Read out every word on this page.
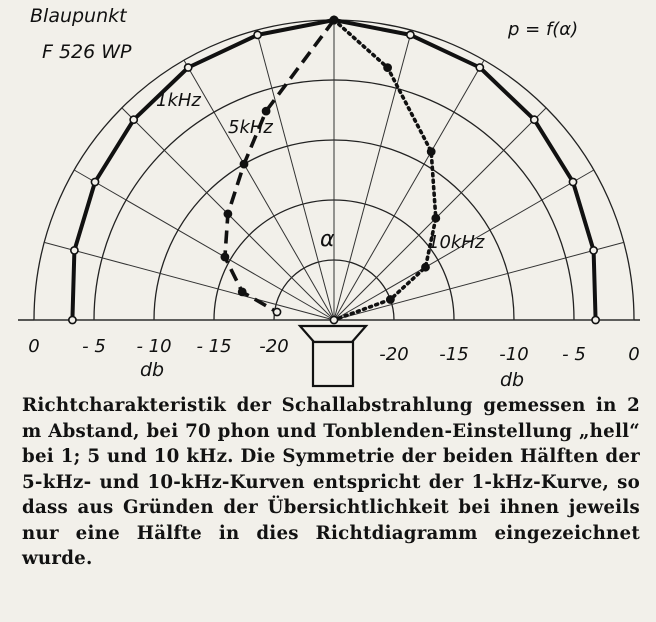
0 - 5 - 10 - 15 -20	-20 -15 -10 - 5 0
Blaupunkt
F 526 WP
p = f(α)
α
1kHz
5kHz
10kHz
db	db
Richtcharakteristik der Schallabstrahlung gemessen in 2 m Abstand, bei 70 phon und Tonblenden-Einstellung „hell“ bei 1; 5 und 10 kHz. Die Symmetrie der beiden Hälften der 5-kHz- und 10-kHz-Kurven entspricht der 1-kHz-Kurve, so dass aus Gründen der Übersichtlichkeit bei ihnen jeweils nur eine Hälfte in dies Richtdiagramm eingezeichnet wurde.
